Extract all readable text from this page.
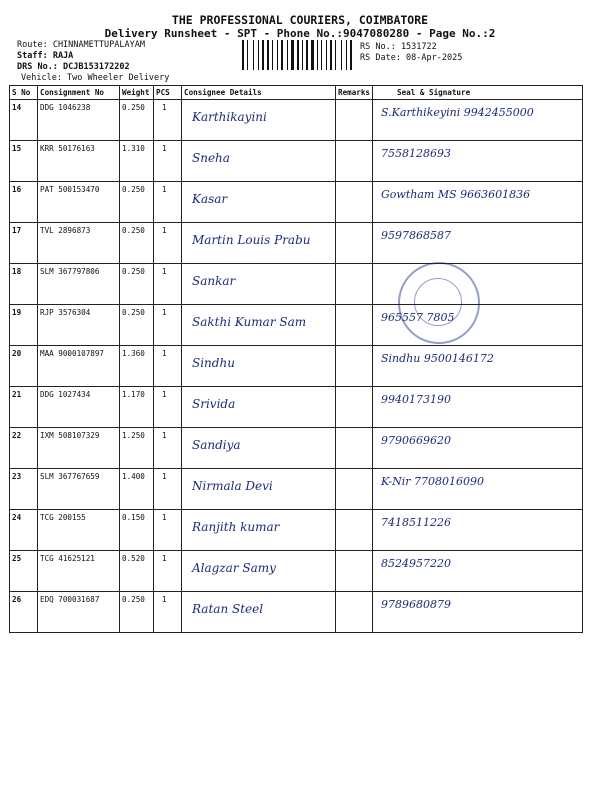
THE PROFESSIONAL COURIERS, COIMBATORE
Delivery Runsheet - SPT - Phone No.:9047080280 - Page No.:2
Route: CHINNAMETTUPALAYAM
Staff: RAJA
DRS No.: DCJB153172202
Vehicle: Two Wheeler Delivery
RS No.: 1531722
RS Date: 08-Apr-2025
S No	Consignment No	Weight	PCS	Consignee Details	Remarks	Seal & Signature
14	DDG 1046238	0.250	1	Karthikayini		S.Karthikeyini 9942455000

15	KRR 50176163	1.310	1	Sneha		7558128693

16	PAT 500153470	0.250	1	Kasar		Gowtham MS 9663601836

17	TVL 2896873	0.250	1	Martin Louis Prabu		9597868587

18	SLM 367797806	0.250	1	Sankar		

19	RJP 3576304	0.250	1	Sakthi Kumar Sam		965557 7805

20	MAA 9000107897	1.360	1	Sindhu		Sindhu 9500146172

21	DDG 1027434	1.170	1	Srivida		9940173190

22	IXM 508107329	1.250	1	Sandiya		9790669620

23	SLM 367767659	1.400	1	Nirmala Devi		K-Nir 7708016090

24	TCG 200155	0.150	1	Ranjith kumar		7418511226

25	TCG 41625121	0.520	1	Alagzar Samy		8524957220

26	EDQ 700031687	0.250	1	Ratan Steel		9789680879
